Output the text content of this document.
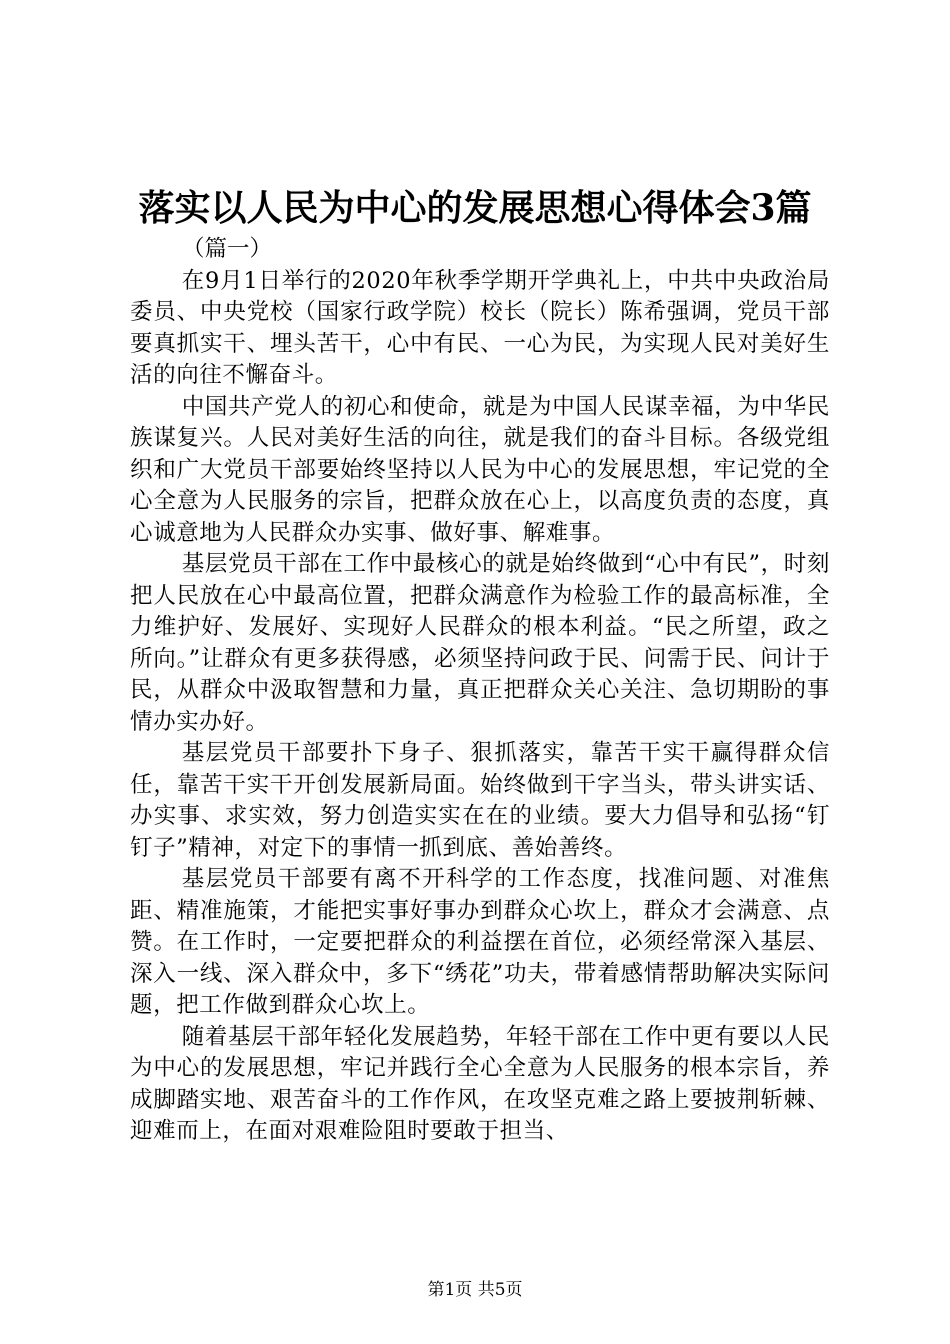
落实以人民为中心的发展思想心得体会3篇

（篇一）

在9月1日举行的2020年秋季学期开学典礼上，中共中央政治局委员、中央党校（国家行政学院）校长（院长）陈希强调，党员干部要真抓实干、埋头苦干，心中有民、一心为民，为实现人民对美好生活的向往不懈奋斗。

中国共产党人的初心和使命，就是为中国人民谋幸福，为中华民族谋复兴。人民对美好生活的向往，就是我们的奋斗目标。各级党组织和广大党员干部要始终坚持以人民为中心的发展思想，牢记党的全心全意为人民服务的宗旨，把群众放在心上，以高度负责的态度，真心诚意地为人民群众办实事、做好事、解难事。

基层党员干部在工作中最核心的就是始终做到“心中有民”，时刻把人民放在心中最高位置，把群众满意作为检验工作的最高标准，全力维护好、发展好、实现好人民群众的根本利益。“民之所望，政之所向。”让群众有更多获得感，必须坚持问政于民、问需于民、问计于民，从群众中汲取智慧和力量，真正把群众关心关注、急切期盼的事情办实办好。

基层党员干部要扑下身子、狠抓落实，靠苦干实干赢得群众信任，靠苦干实干开创发展新局面。始终做到干字当头，带头讲实话、办实事、求实效，努力创造实实在在的业绩。要大力倡导和弘扬“钉钉子”精神，对定下的事情一抓到底、善始善终。

基层党员干部要有离不开科学的工作态度，找准问题、对准焦距、精准施策，才能把实事好事办到群众心坎上，群众才会满意、点赞。在工作时，一定要把群众的利益摆在首位，必须经常深入基层、深入一线、深入群众中，多下“绣花”功夫，带着感情帮助解决实际问题，把工作做到群众心坎上。

随着基层干部年轻化发展趋势，年轻干部在工作中更有要以人民为中心的发展思想，牢记并践行全心全意为人民服务的根本宗旨，养成脚踏实地、艰苦奋斗的工作作风，在攻坚克难之路上要披荆斩棘、迎难而上，在面对艰难险阻时要敢于担当、

第1页 共5页
